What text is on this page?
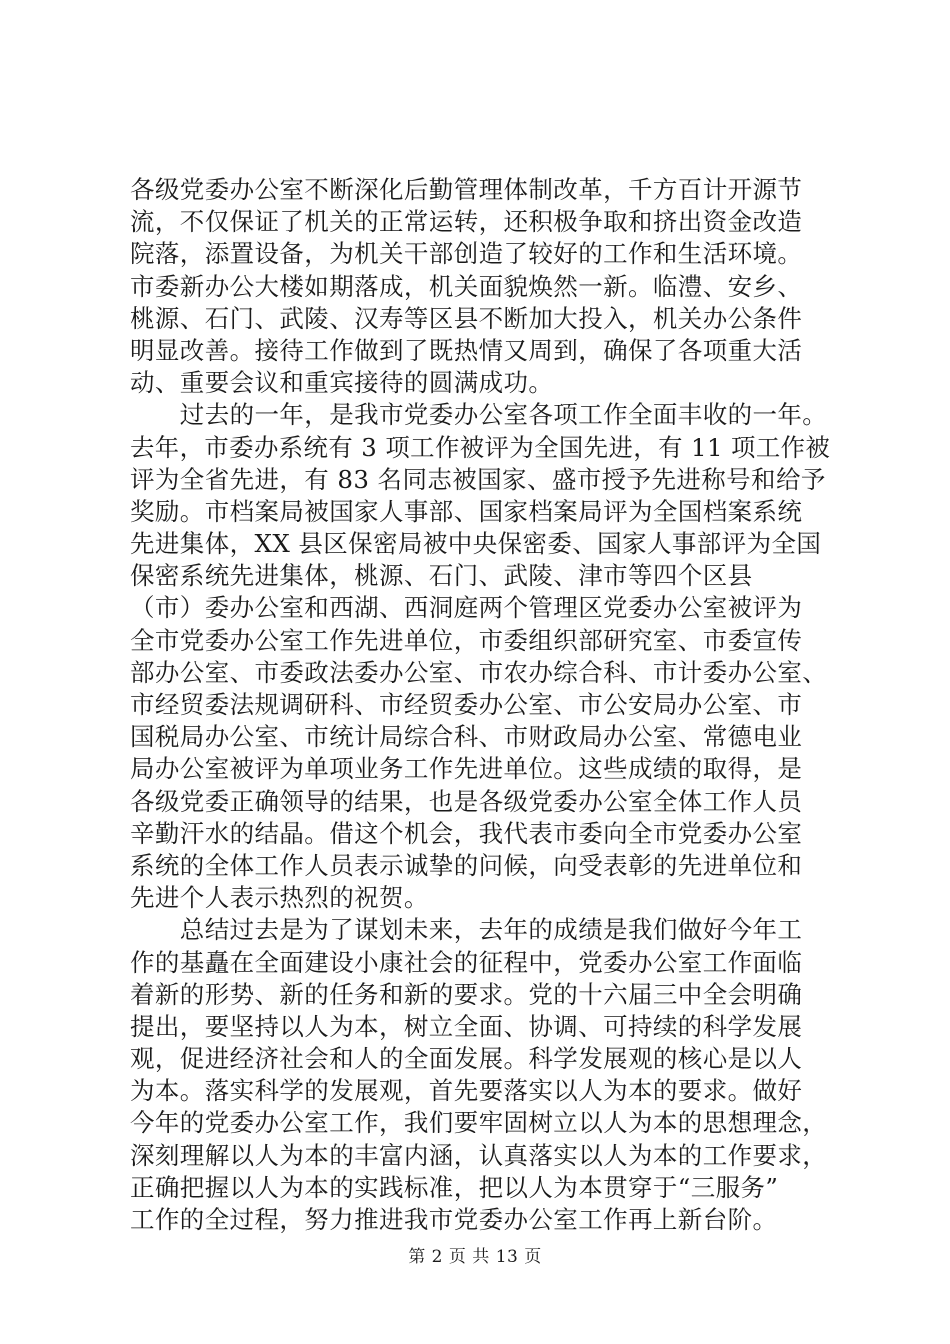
各级党委办公室不断深化后勤管理体制改革，千方百计开源节
流，不仅保证了机关的正常运转，还积极争取和挤出资金改造
院落，添置设备，为机关干部创造了较好的工作和生活环境。
市委新办公大楼如期落成，机关面貌焕然一新。临澧、安乡、
桃源、石门、武陵、汉寿等区县不断加大投入，机关办公条件
明显改善。接待工作做到了既热情又周到，确保了各项重大活
动、重要会议和重宾接待的圆满成功。
　　过去的一年，是我市党委办公室各项工作全面丰收的一年。
去年，市委办系统有 3 项工作被评为全国先进，有 11 项工作被
评为全省先进，有 83 名同志被国家、盛市授予先进称号和给予
奖励。市档案局被国家人事部、国家档案局评为全国档案系统
先进集体，XX 县区保密局被中央保密委、国家人事部评为全国
保密系统先进集体，桃源、石门、武陵、津市等四个区县
（市）委办公室和西湖、西洞庭两个管理区党委办公室被评为
全市党委办公室工作先进单位，市委组织部研究室、市委宣传
部办公室、市委政法委办公室、市农办综合科、市计委办公室、
市经贸委法规调研科、市经贸委办公室、市公安局办公室、市
国税局办公室、市统计局综合科、市财政局办公室、常德电业
局办公室被评为单项业务工作先进单位。这些成绩的取得，是
各级党委正确领导的结果，也是各级党委办公室全体工作人员
辛勤汗水的结晶。借这个机会，我代表市委向全市党委办公室
系统的全体工作人员表示诚挚的问候，向受表彰的先进单位和
先进个人表示热烈的祝贺。
　　总结过去是为了谋划未来，去年的成绩是我们做好今年工
作的基矗在全面建设小康社会的征程中，党委办公室工作面临
着新的形势、新的任务和新的要求。党的十六届三中全会明确
提出，要坚持以人为本，树立全面、协调、可持续的科学发展
观，促进经济社会和人的全面发展。科学发展观的核心是以人
为本。落实科学的发展观，首先要落实以人为本的要求。做好
今年的党委办公室工作，我们要牢固树立以人为本的思想理念，
深刻理解以人为本的丰富内涵，认真落实以人为本的工作要求，
正确把握以人为本的实践标准，把以人为本贯穿于“三服务”
工作的全过程，努力推进我市党委办公室工作再上新台阶。
第 2 页 共 13 页
